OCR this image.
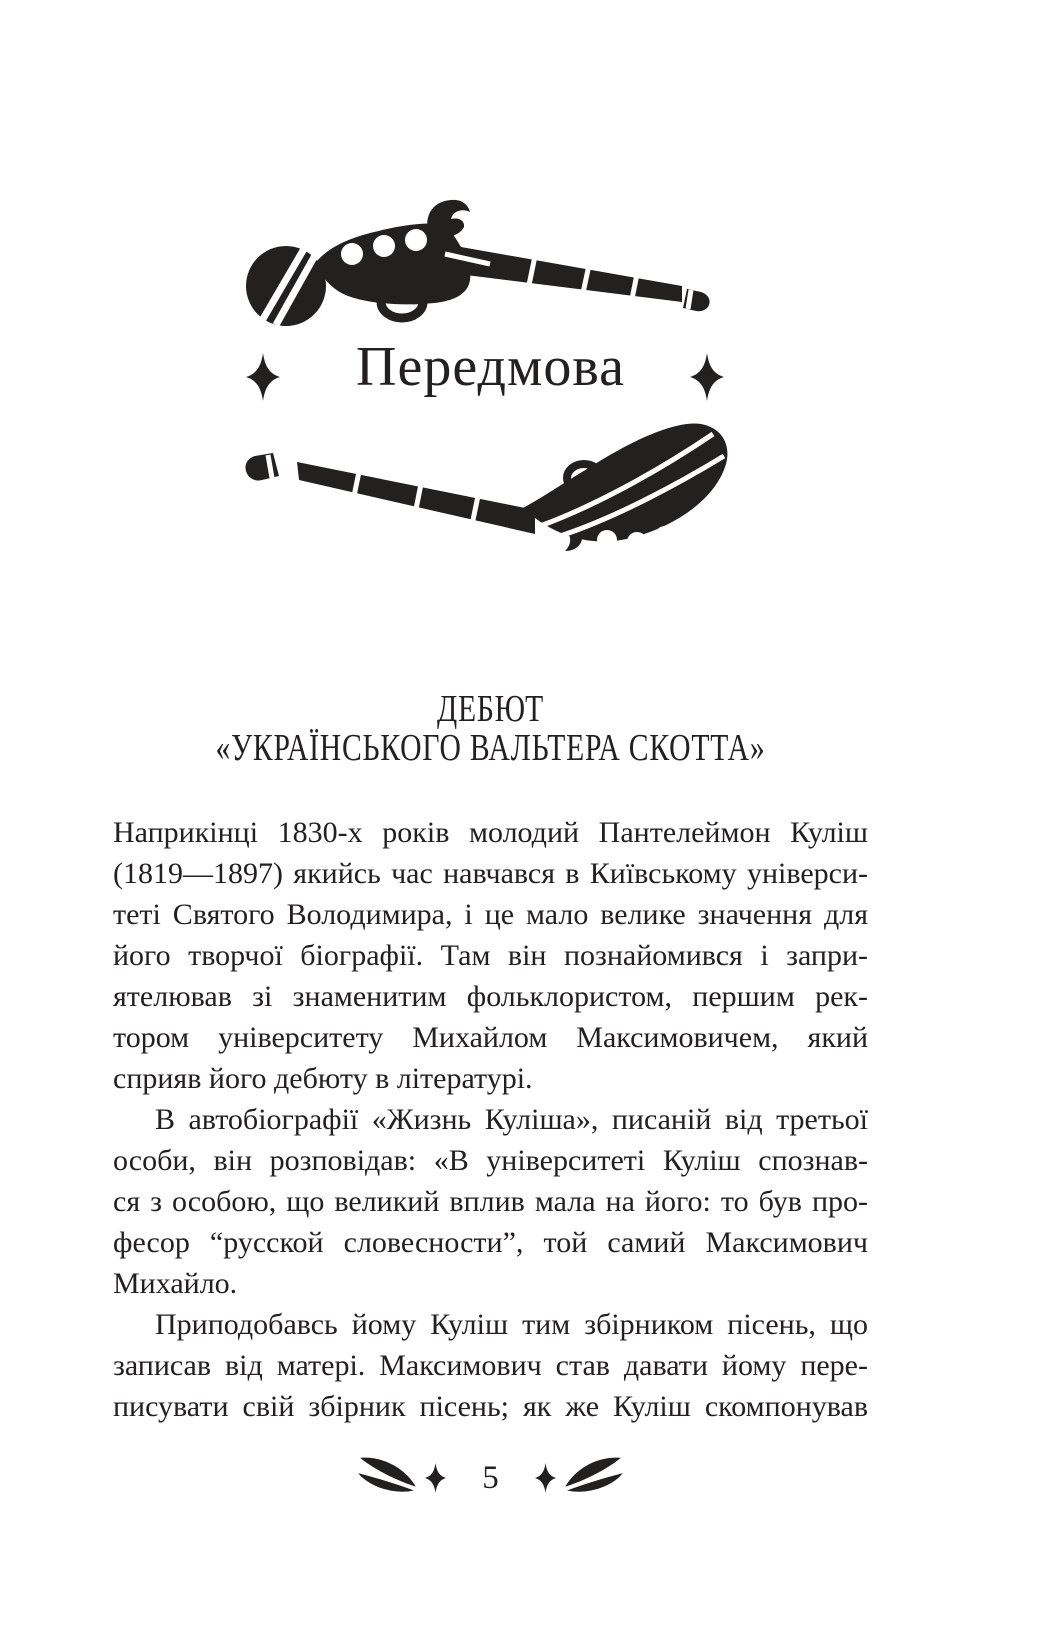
Передмова
ДЕБЮТ
«УКРАЇНСЬКОГО ВАЛЬТЕРА СКОТТА»
Наприкінці 1830-х років молодий Пантелеймон Куліш
(1819—1897) якийсь час навчався в Київському універси-
теті Святого Володимира, і це мало велике значення для
його творчої біографії. Там він познайомився і запри-
ятелював зі знаменитим фольклористом, першим рек-
тором університету Михайлом Максимовичем, який
сприяв його дебюту в літературі.
В автобіографії «Жизнь Куліша», писаній від третьої
особи, він розповідав: «В університеті Куліш спознав-
ся з особою, що великий вплив мала на його: то був про-
фесор “русской словесности”, той самий Максимович
Михайло.
Приподобавсь йому Куліш тим збірником пісень, що
записав від матері. Максимович став давати йому пере-
писувати свій збірник пісень; як же Куліш скомпонував
5
